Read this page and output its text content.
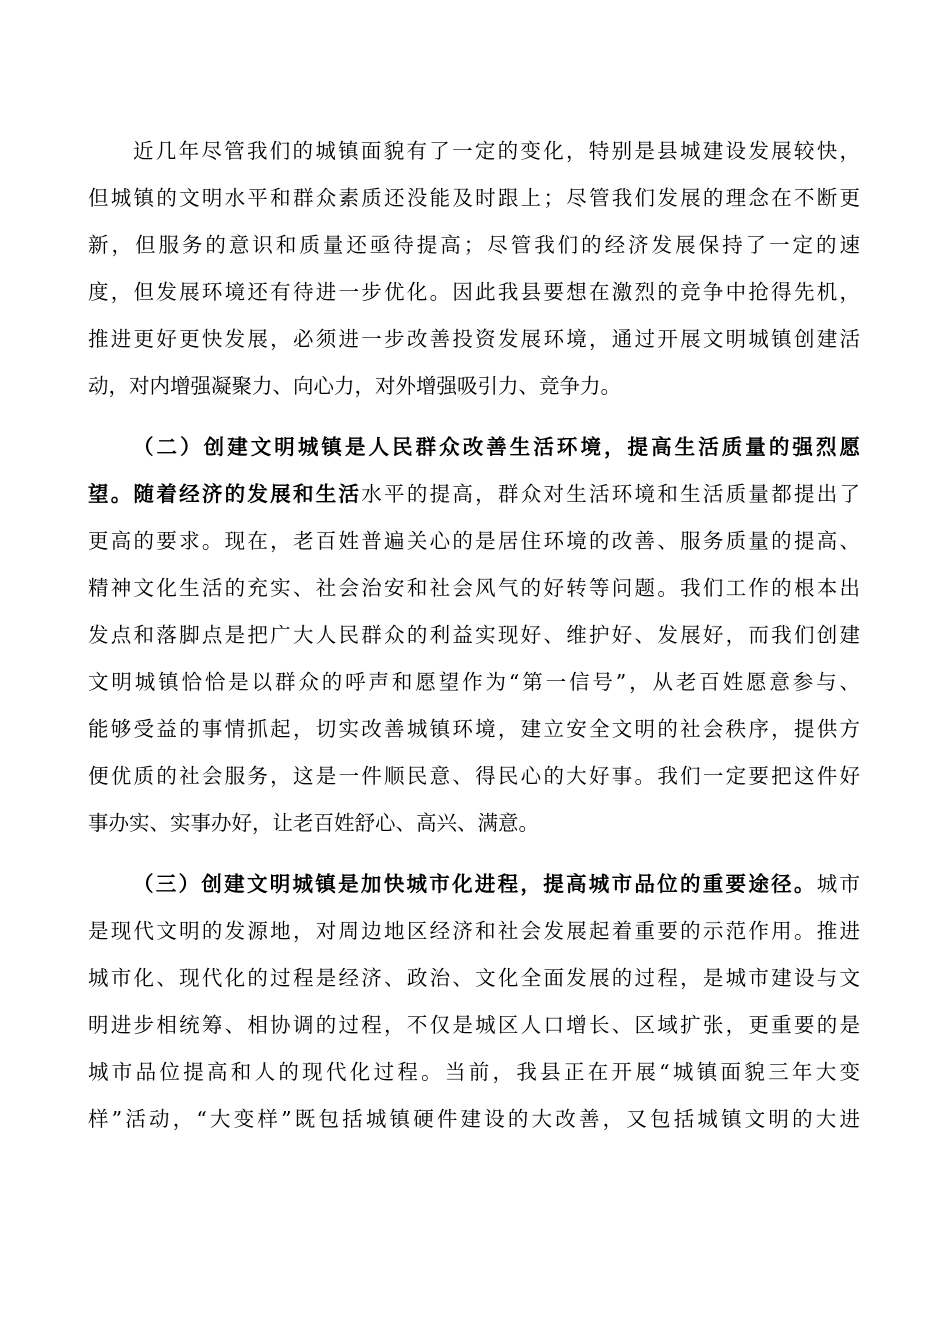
近几年尽管我们的城镇面貌有了一定的变化，特别是县城建设发展较快，
但城镇的文明水平和群众素质还没能及时跟上；尽管我们发展的理念在不断更
新，但服务的意识和质量还亟待提高；尽管我们的经济发展保持了一定的速
度，但发展环境还有待进一步优化。因此我县要想在激烈的竞争中抢得先机，
推进更好更快发展，必须进一步改善投资发展环境，通过开展文明城镇创建活
动，对内增强凝聚力、向心力，对外增强吸引力、竞争力。
（二）创建文明城镇是人民群众改善生活环境，提高生活质量的强烈愿
望。随着经济的发展和生活水平的提高，群众对生活环境和生活质量都提出了
更高的要求。现在，老百姓普遍关心的是居住环境的改善、服务质量的提高、
精神文化生活的充实、社会治安和社会风气的好转等问题。我们工作的根本出
发点和落脚点是把广大人民群众的利益实现好、维护好、发展好，而我们创建
文明城镇恰恰是以群众的呼声和愿望作为“第一信号”，从老百姓愿意参与、
能够受益的事情抓起，切实改善城镇环境，建立安全文明的社会秩序，提供方
便优质的社会服务，这是一件顺民意、得民心的大好事。我们一定要把这件好
事办实、实事办好，让老百姓舒心、高兴、满意。
（三）创建文明城镇是加快城市化进程，提高城市品位的重要途径。城市
是现代文明的发源地，对周边地区经济和社会发展起着重要的示范作用。推进
城市化、现代化的过程是经济、政治、文化全面发展的过程，是城市建设与文
明进步相统筹、相协调的过程，不仅是城区人口增长、区域扩张，更重要的是
城市品位提高和人的现代化过程。当前，我县正在开展“城镇面貌三年大变
样”活动，“大变样”既包括城镇硬件建设的大改善，又包括城镇文明的大进
